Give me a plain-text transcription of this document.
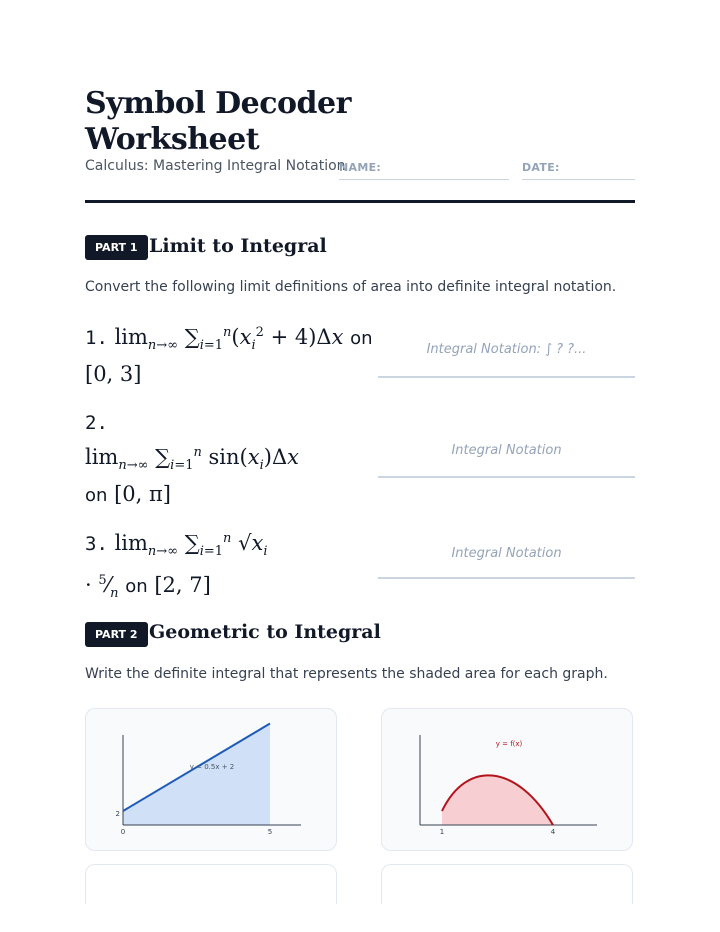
Symbol Decoder Worksheet
Calculus: Mastering Integral Notation
NAME:	DATE:
PART 1 Limit to Integral
Convert the following limit definitions of area into definite integral notation.
1. $\lim_{n\to\infty} \sum_{i=1}^n(x_i^2 + 4)\Delta x$ on [0, 3]
Integral Notation: ∫ ? ?...
2.
$\lim_{n\to\infty} \sum_{i=1}^n$ $\sin(x_i)\Delta x$
on [0, π]
Integral Notation
3. $\lim_{n\to\infty} \sum_{i=1}^n$ $√x_i$
· $^5⁄_n$ on [2, 7]
Integral Notation
PART 2 Geometric to Integral
Write the definite integral that represents the shaded area for each graph.
y = 0.5x + 2
0	5
2
y = f(x)
1	4
